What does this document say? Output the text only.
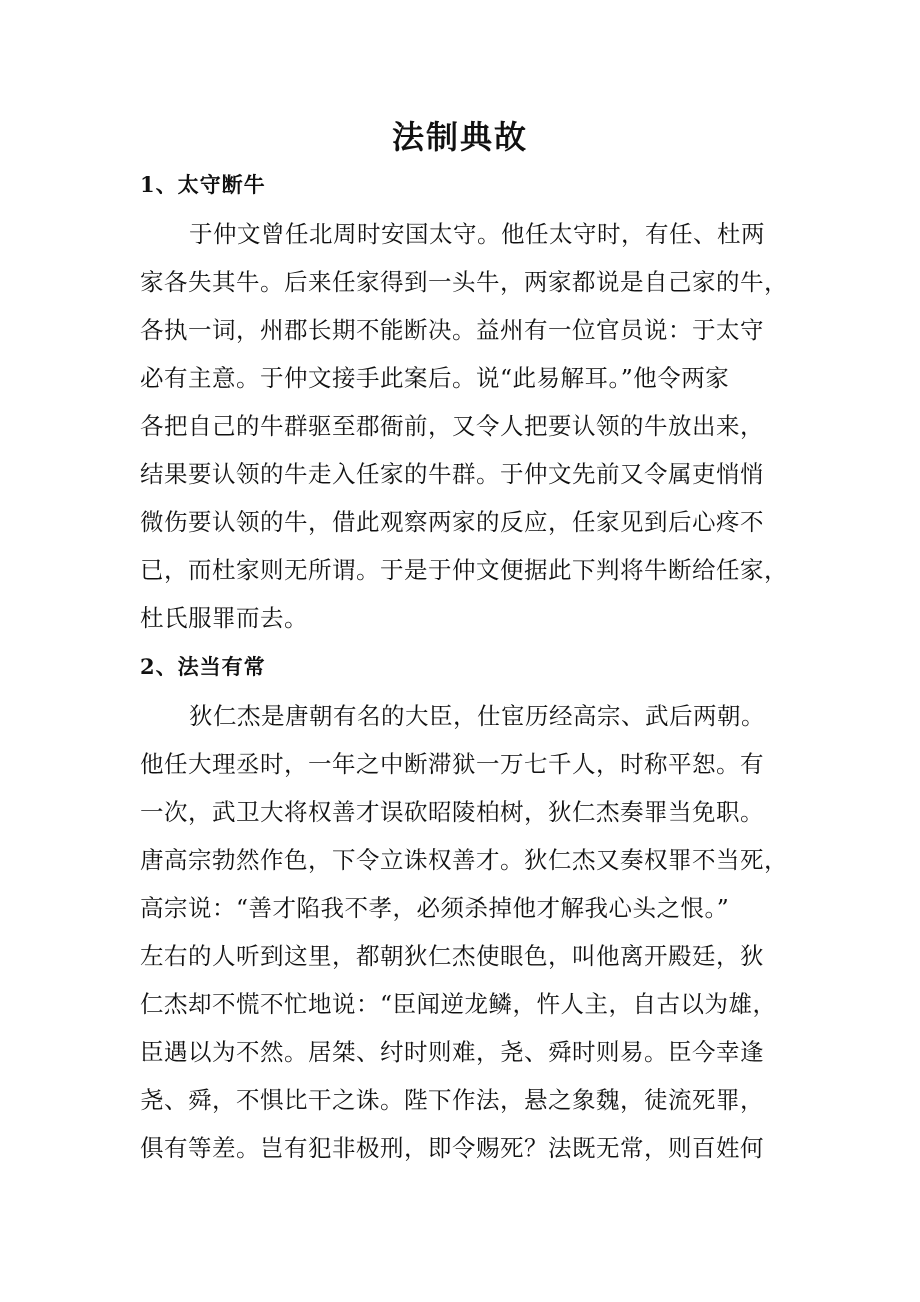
法制典故
1、太守断牛
于仲文曾任北周时安国太守。他任太守时，有任、杜两
家各失其牛。后来任家得到一头牛，两家都说是自己家的牛，
各执一词，州郡长期不能断决。益州有一位官员说：于太守
必有主意。于仲文接手此案后。说“此易解耳。”他令两家
各把自己的牛群驱至郡衙前，又令人把要认领的牛放出来，
结果要认领的牛走入任家的牛群。于仲文先前又令属吏悄悄
微伤要认领的牛，借此观察两家的反应，任家见到后心疼不
已，而杜家则无所谓。于是于仲文便据此下判将牛断给任家，
杜氏服罪而去。
2、法当有常
狄仁杰是唐朝有名的大臣，仕宦历经高宗、武后两朝。
他任大理丞时，一年之中断滞狱一万七千人，时称平恕。有
一次，武卫大将权善才误砍昭陵柏树，狄仁杰奏罪当免职。
唐高宗勃然作色，下令立诛权善才。狄仁杰又奏权罪不当死，
高宗说：“善才陷我不孝，必须杀掉他才解我心头之恨。”
左右的人听到这里，都朝狄仁杰使眼色，叫他离开殿廷，狄
仁杰却不慌不忙地说：“臣闻逆龙鳞，忤人主，自古以为雄，
臣遇以为不然。居桀、纣时则难，尧、舜时则易。臣今幸逢
尧、舜，不惧比干之诛。陛下作法，悬之象魏，徒流死罪，
俱有等差。岂有犯非极刑，即令赐死？法既无常，则百姓何
